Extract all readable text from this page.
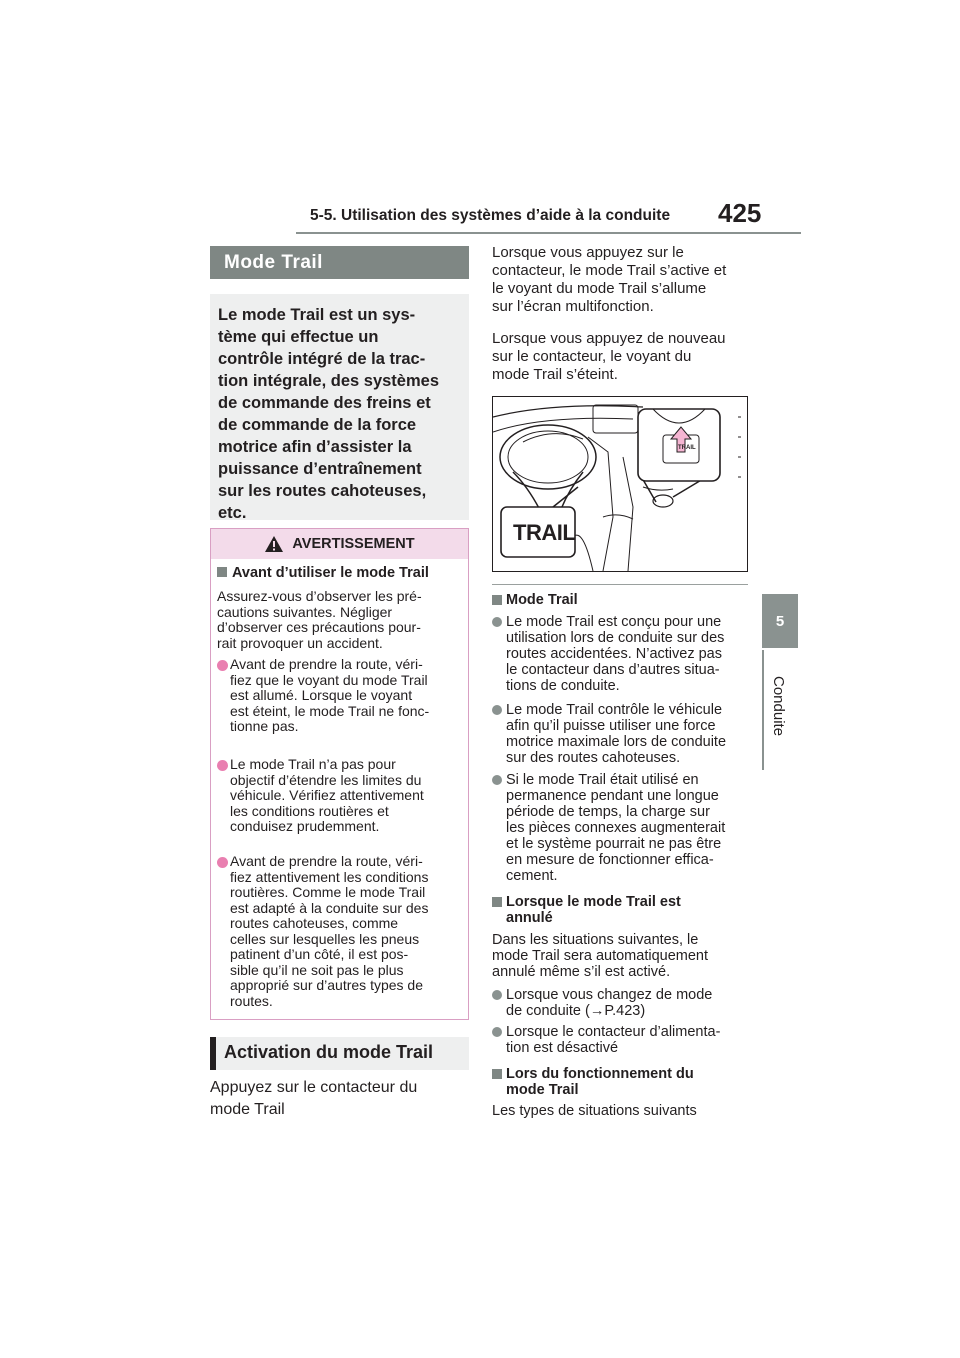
5-5. Utilisation des systèmes d’aide à la conduite 425
5
Conduite
Mode Trail
Le mode Trail est un sys-
tème qui effectue un
contrôle intégré de la trac-
tion intégrale, des systèmes
de commande des freins et
de commande de la force
motrice afin d’assister la
puissance d’entraînement
sur les routes cahoteuses,
etc.
AVERTISSEMENT
Avant d’utiliser le mode Trail
Assurez-vous d’observer les pré-
cautions suivantes. Négliger
d’observer ces précautions pour-
rait provoquer un accident.
Avant de prendre la route, véri-
fiez que le voyant du mode Trail
est allumé. Lorsque le voyant
est éteint, le mode Trail ne fonc-
tionne pas.
Le mode Trail n’a pas pour
objectif d’étendre les limites du
véhicule. Vérifiez attentivement
les conditions routières et
conduisez prudemment.
Avant de prendre la route, véri-
fiez attentivement les conditions
routières. Comme le mode Trail
est adapté à la conduite sur des
routes cahoteuses, comme
celles sur lesquelles les pneus
patinent d’un côté, il est pos-
sible qu’il ne soit pas le plus
approprié sur d’autres types de
routes.
Activation du mode Trail
Appuyez sur le contacteur du
mode Trail
Lorsque vous appuyez sur le
contacteur, le mode Trail s’active et
le voyant du mode Trail s’allume
sur l’écran multifonction.
Lorsque vous appuyez de nouveau
sur le contacteur, le voyant du
mode Trail s’éteint.
TRAIL
TRAIL
Mode Trail
Le mode Trail est conçu pour une
utilisation lors de conduite sur des
routes accidentées. N’activez pas
le contacteur dans d’autres situa-
tions de conduite.
Le mode Trail contrôle le véhicule
afin qu’il puisse utiliser une force
motrice maximale lors de conduite
sur des routes cahoteuses.
Si le mode Trail était utilisé en
permanence pendant une longue
période de temps, la charge sur
les pièces connexes augmenterait
et le système pourrait ne pas être
en mesure de fonctionner effica-
cement.
Lorsque le mode Trail est
annulé
Dans les situations suivantes, le
mode Trail sera automatiquement
annulé même s’il est activé.
Lorsque vous changez de mode
de conduite (→P.423)
Lorsque le contacteur d’alimenta-
tion est désactivé
Lors du fonctionnement du
mode Trail
Les types de situations suivants
